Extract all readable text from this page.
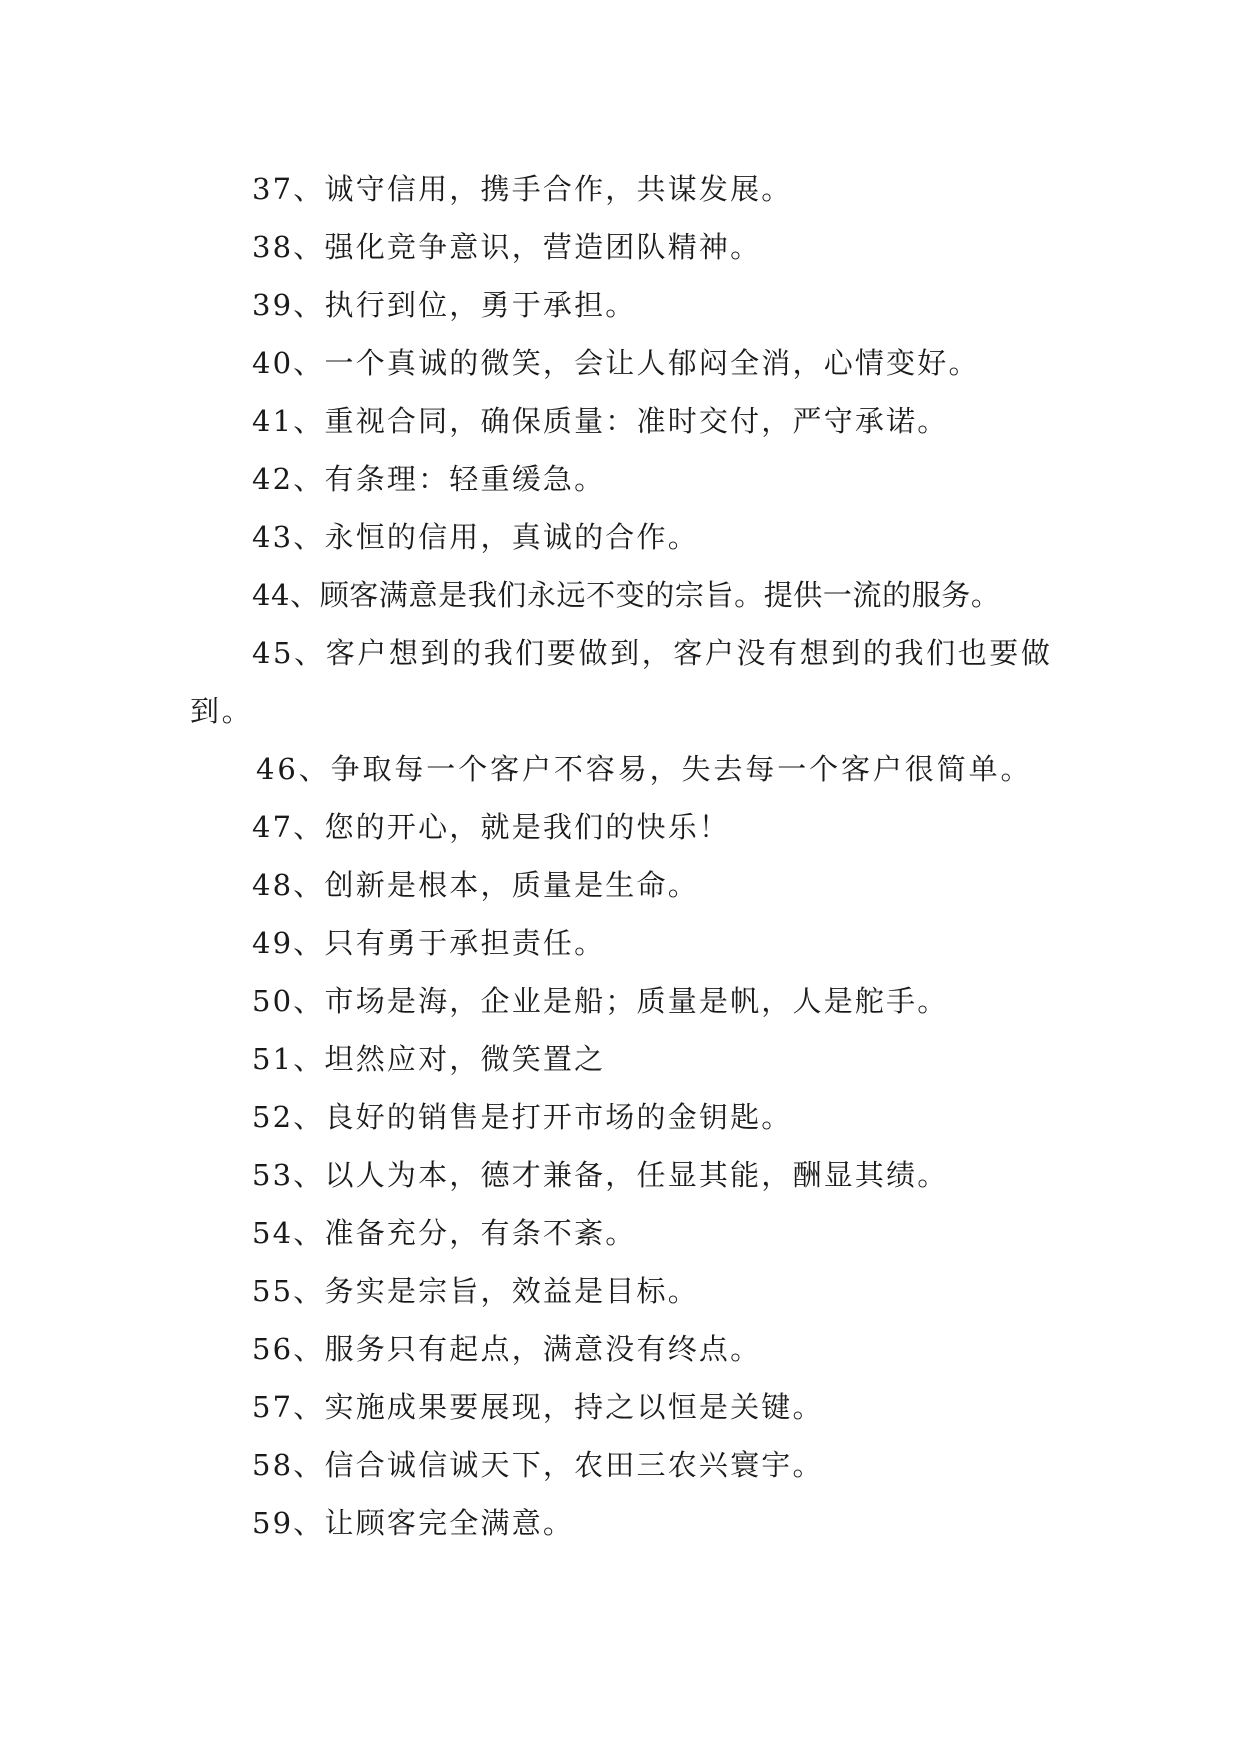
37、诚守信用，携手合作，共谋发展。

38、强化竞争意识，营造团队精神。

39、执行到位，勇于承担。

40、一个真诚的微笑，会让人郁闷全消，心情变好。

41、重视合同，确保质量：准时交付，严守承诺。

42、有条理：轻重缓急。

43、永恒的信用，真诚的合作。

44、顾客满意是我们永远不变的宗旨。提供一流的服务。

45、客户想到的我们要做到，客户没有想到的我们也要做到。

46、争取每一个客户不容易，失去每一个客户很简单。

47、您的开心，就是我们的快乐！

48、创新是根本，质量是生命。

49、只有勇于承担责任。

50、市场是海，企业是船；质量是帆，人是舵手。

51、坦然应对，微笑置之

52、良好的销售是打开市场的金钥匙。

53、以人为本，德才兼备，任显其能，酬显其绩。

54、准备充分，有条不紊。

55、务实是宗旨，效益是目标。

56、服务只有起点，满意没有终点。

57、实施成果要展现，持之以恒是关键。

58、信合诚信诚天下，农田三农兴寰宇。

59、让顾客完全满意。
